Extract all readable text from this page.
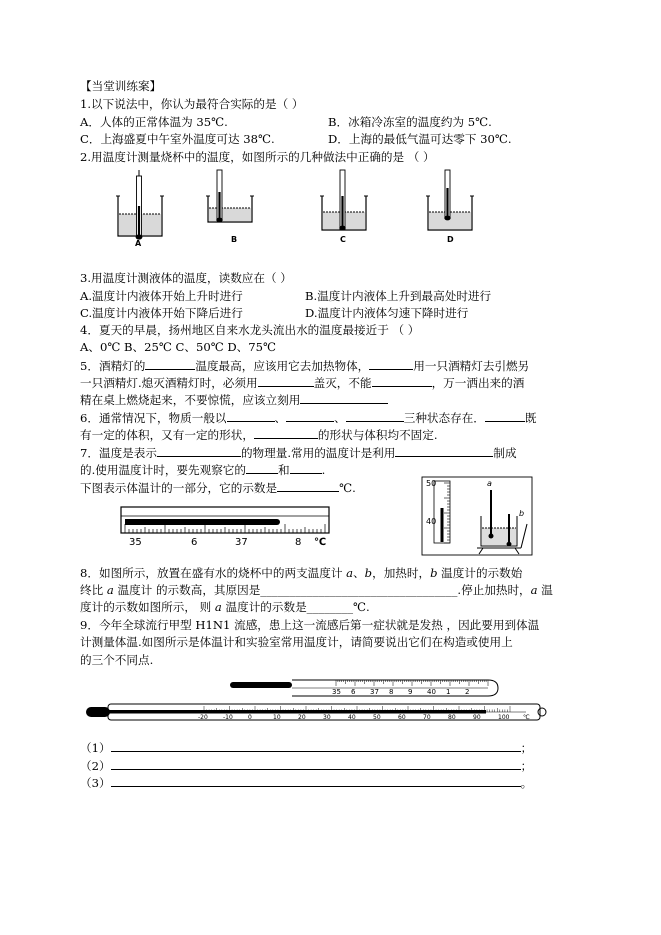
【当堂训练案】
1.以下说法中，你认为最符合实际的是（ ）
A．人体的正常体温为 35℃.	B．冰箱冷冻室的温度约为 5℃.
C．上海盛夏中午室外温度可达 38℃.	D．上海的最低气温可达零下 30℃.
2.用温度计测量烧杯中的温度，如图所示的几种做法中正确的是 （ ）
A	B	C	D
3.用温度计测液体的温度，读数应在（ ）
A.温度计内液体开始上升时进行	B.温度计内液体上升到最高处时进行
C.温度计内液体开始下降后进行	D.温度计内液体匀速下降时进行
4．夏天的早晨，扬州地区自来水龙头流出水的温度最接近于 （ ）
A、0℃ B、25℃ C、50℃ D、75℃
5．酒精灯的	温度最高，应该用它去加热物体，	用一只酒精灯去引燃另
一只酒精灯.熄灭酒精灯时，必须用	盖灭，不能	，万一洒出来的酒
精在桌上燃烧起来，不要惊慌，应该立刻用
6．通常情况下，物质一般以	、	、	三种状态存在．	既
有一定的体积，又有一定的形状，	的形状与体积均不固定.
7．温度是表示	的物理量.常用的温度计是利用	制成
的.使用温度计时，要先观察它的	和	.
下图表示体温计的一部分，它的示数是	℃.
35	6	37	8 ℃
50
40
a
b
8．如图所示，放置在盛有水的烧杯中的两支温度计 a、b，加热时，b 温度计的示数始
终比 a 温度计 的示数高，其原因是__________________________________.停止加热时，a 温
度计的示数如图所示， 则 a 温度计的示数是________℃.
9．今年全球流行甲型 H1N1 流感，患上这一流感后第一症状就是发热 ，因此要用到体温
计测量体温.如图所示是体温计和实验室常用温度计，请简要说出它们在构造或使用上
的三个不同点.
35 6 37 8 9 40 1 2
-20	-10	0	10	20	30	40	50	60	70	80	90	100 ℃
（1）	；
（2）	；
（3）	。
